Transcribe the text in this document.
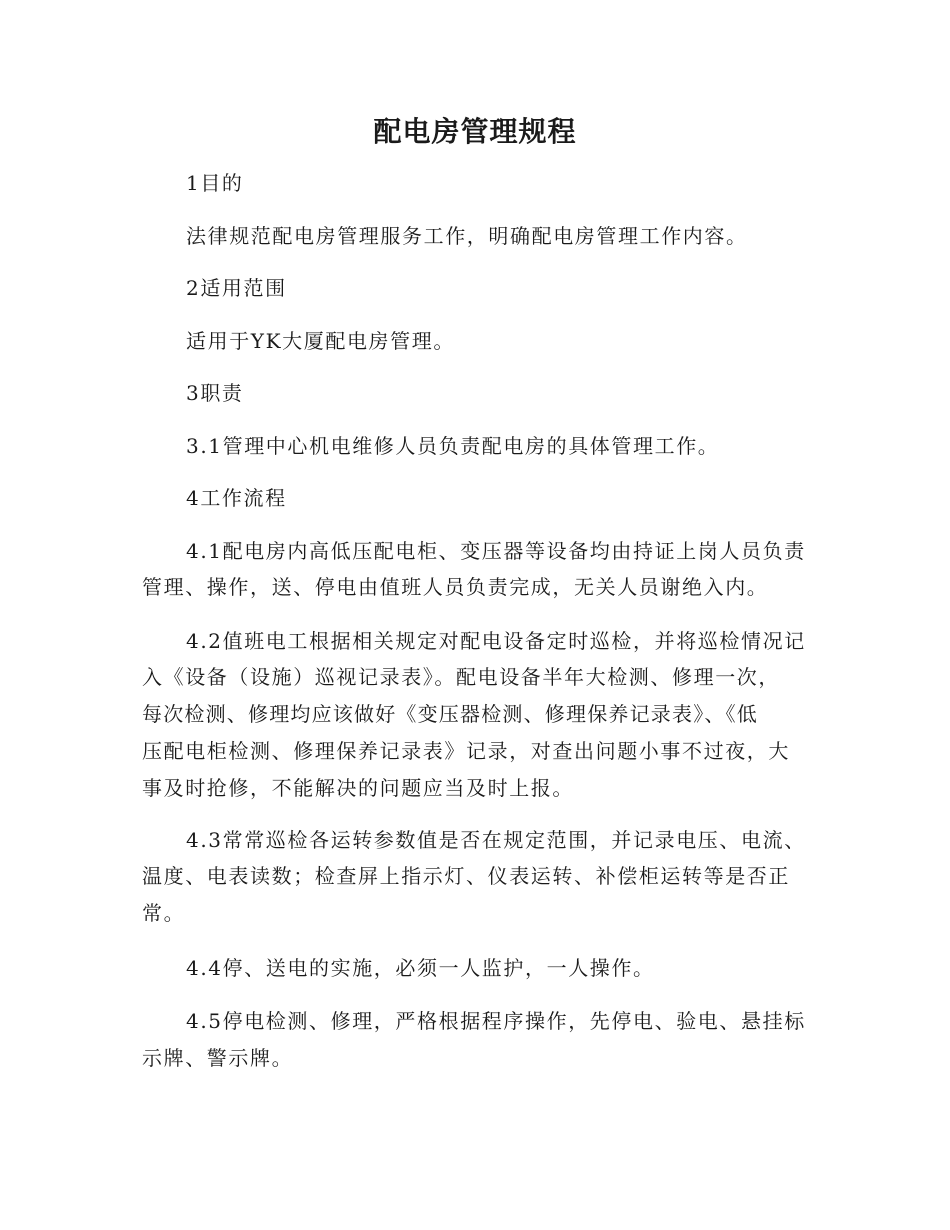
配电房管理规程
1目的
法律规范配电房管理服务工作，明确配电房管理工作内容。
2适用范围
适用于YK大厦配电房管理。
3职责
3.1管理中心机电维修人员负责配电房的具体管理工作。
4工作流程
4.1配电房内高低压配电柜、变压器等设备均由持证上岗人员负责
管理、操作，送、停电由值班人员负责完成，无关人员谢绝入内。
4.2值班电工根据相关规定对配电设备定时巡检，并将巡检情况记
入《设备（设施）巡视记录表》。配电设备半年大检测、修理一次，
每次检测、修理均应该做好《变压器检测、修理保养记录表》、《低
压配电柜检测、修理保养记录表》记录，对查出问题小事不过夜，大
事及时抢修，不能解决的问题应当及时上报。
4.3常常巡检各运转参数值是否在规定范围，并记录电压、电流、
温度、电表读数；检查屏上指示灯、仪表运转、补偿柜运转等是否正
常。
4.4停、送电的实施，必须一人监护，一人操作。
4.5停电检测、修理，严格根据程序操作，先停电、验电、悬挂标
示牌、警示牌。
